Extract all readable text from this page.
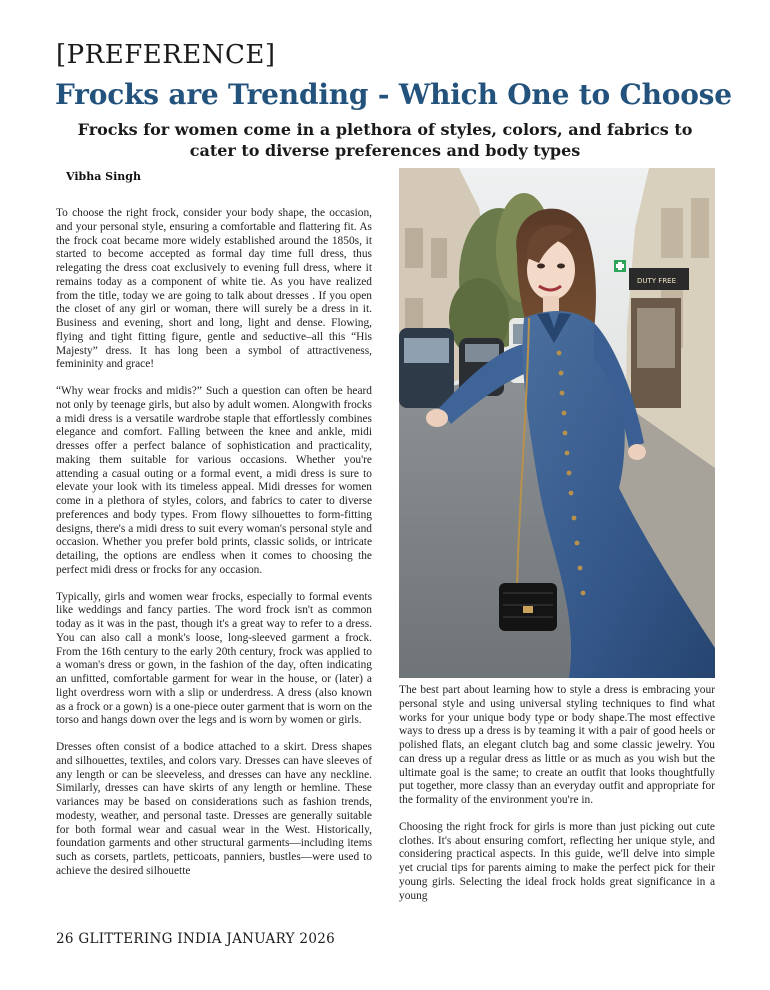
[PREFERENCE]
Frocks are Trending - Which One to Choose
Frocks for women come in a plethora of styles, colors, and fabrics to cater to diverse preferences and body types
Vibha Singh

To choose the right frock, consider your body shape, the occasion, and your personal style, ensuring a comfortable and flattering fit. As the frock coat became more widely established around the 1850s, it started to become accepted as formal day time full dress, thus relegating the dress coat exclusively to evening full dress, where it remains today as a component of white tie. As you have realized from the title, today we are going to talk about dresses . If you open the closet of any girl or woman, there will surely be a dress in it. Business and evening, short and long, light and dense. Flowing, flying and tight fitting figure, gentle and seductive–all this “His Majesty” dress. It has long been a symbol of attractiveness, femininity and grace!

“Why wear frocks and midis?” Such a question can often be heard not only by teenage girls, but also by adult women. Alongwith frocks a midi dress is a versatile wardrobe staple that effortlessly combines elegance and comfort. Falling between the knee and ankle, midi dresses offer a perfect balance of sophistication and practicality, making them suitable for various occasions. Whether you're attending a casual outing or a formal event, a midi dress is sure to elevate your look with its timeless appeal. Midi dresses for women come in a plethora of styles, colors, and fabrics to cater to diverse preferences and body types. From flowy silhouettes to form-fitting designs, there's a midi dress to suit every woman's personal style and occasion. Whether you prefer bold prints, classic solids, or intricate detailing, the options are endless when it comes to choosing the perfect midi dress or frocks for any occasion.

Typically, girls and women wear frocks, especially to formal events like weddings and fancy parties. The word frock isn't as common today as it was in the past, though it's a great way to refer to a dress. You can also call a monk's loose, long-sleeved garment a frock. From the 16th century to the early 20th century, frock was applied to a woman's dress or gown, in the fashion of the day, often indicating an unfitted, comfortable garment for wear in the house, or (later) a light overdress worn with a slip or underdress. A dress (also known as a frock or a gown) is a one-piece outer garment that is worn on the torso and hangs down over the legs and is worn by women or girls.

Dresses often consist of a bodice attached to a skirt. Dress shapes and silhouettes, textiles, and colors vary. Dresses can have sleeves of any length or can be sleeveless, and dresses can have any neckline. Similarly, dresses can have skirts of any length or hemline. These variances may be based on considerations such as fashion trends, modesty, weather, and personal taste. Dresses are generally suitable for both formal wear and casual wear in the West. Historically, foundation garments and other structural garments—including items such as corsets, partlets, petticoats, panniers, bustles—were used to achieve the desired silhouette

DUTY FREE

The best part about learning how to style a dress is embracing your personal style and using universal styling techniques to find what works for your unique body type or body shape.The most effective ways to dress up a dress is by teaming it with a pair of good heels or polished flats, an elegant clutch bag and some classic jewelry. You can dress up a regular dress as little or as much as you wish but the ultimate goal is the same; to create an outfit that looks thoughtfully put together, more classy than an everyday outfit and appropriate for the formality of the environment you're in.

Choosing the right frock for girls is more than just picking out cute clothes. It's about ensuring comfort, reflecting her unique style, and considering practical aspects. In this guide, we'll delve into simple yet crucial tips for parents aiming to make the perfect pick for their young girls. Selecting the ideal frock holds great significance in a young

26 GLITTERING INDIA JANUARY 2026
